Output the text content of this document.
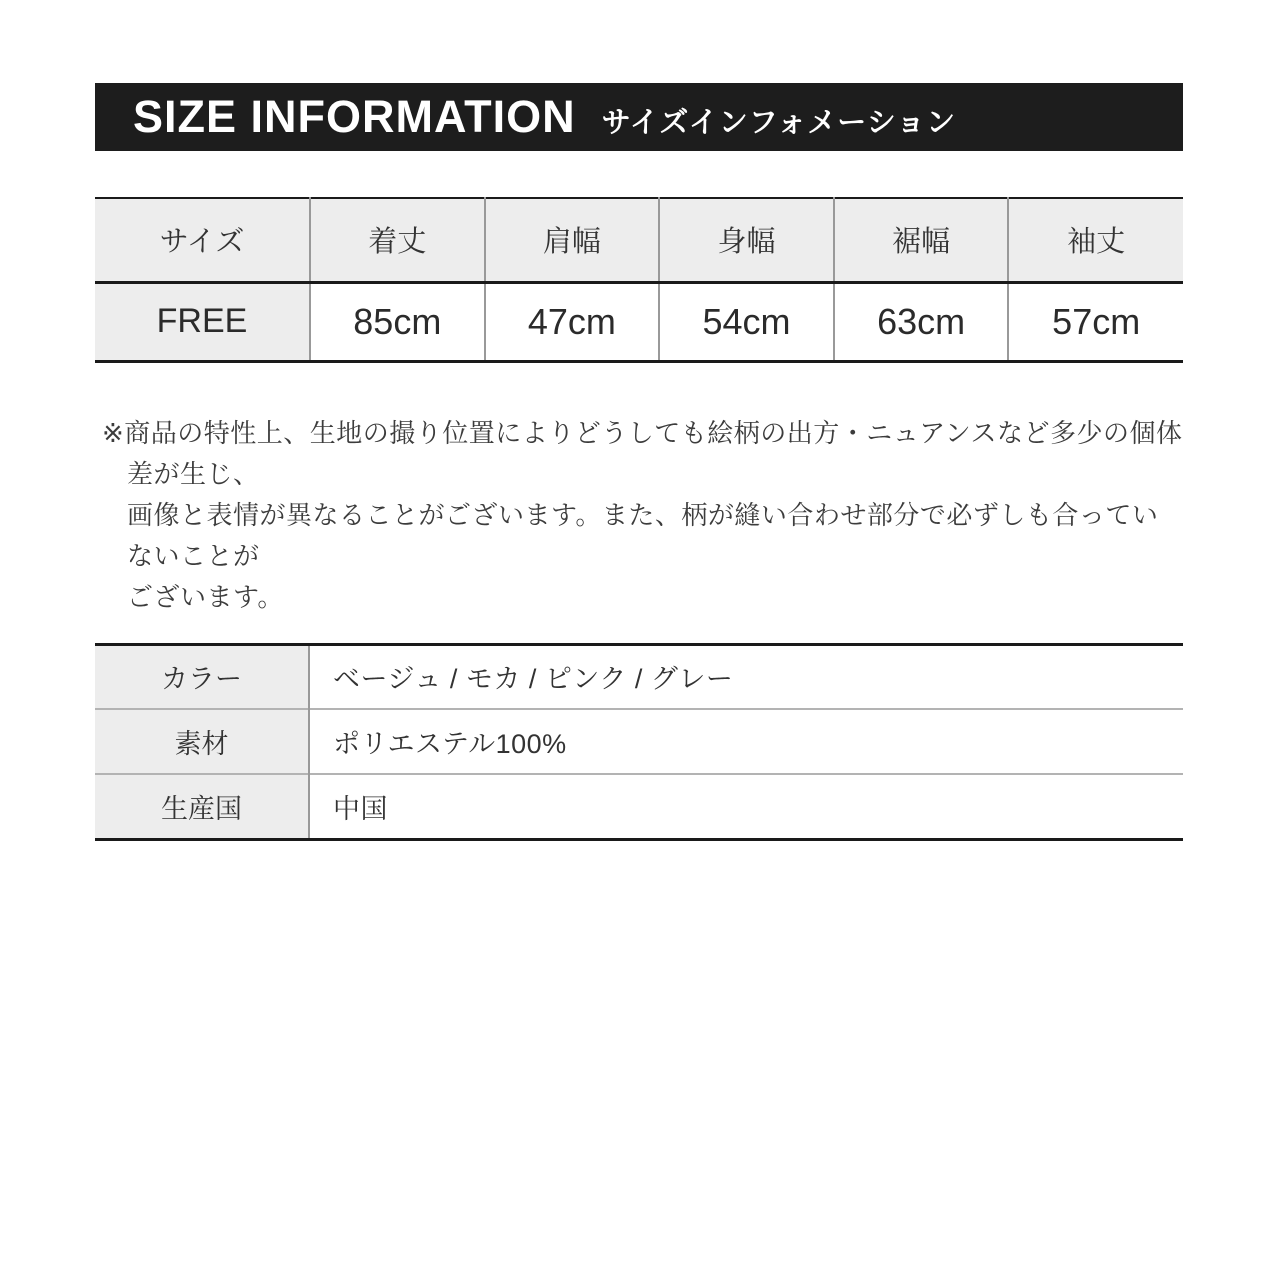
SIZE INFORMATION サイズインフォメーション
サイズ	着丈	肩幅	身幅	裾幅	袖丈
FREE	85cm	47cm	54cm	63cm	57cm
※商品の特性上、生地の撮り位置によりどうしても絵柄の出方・ニュアンスなど多少の個体差が生じ、
画像と表情が異なることがございます。また、柄が縫い合わせ部分で必ずしも合っていないことが
ございます。
カラー	ベージュ / モカ / ピンク / グレー
素材	ポリエステル100%
生産国	中国
